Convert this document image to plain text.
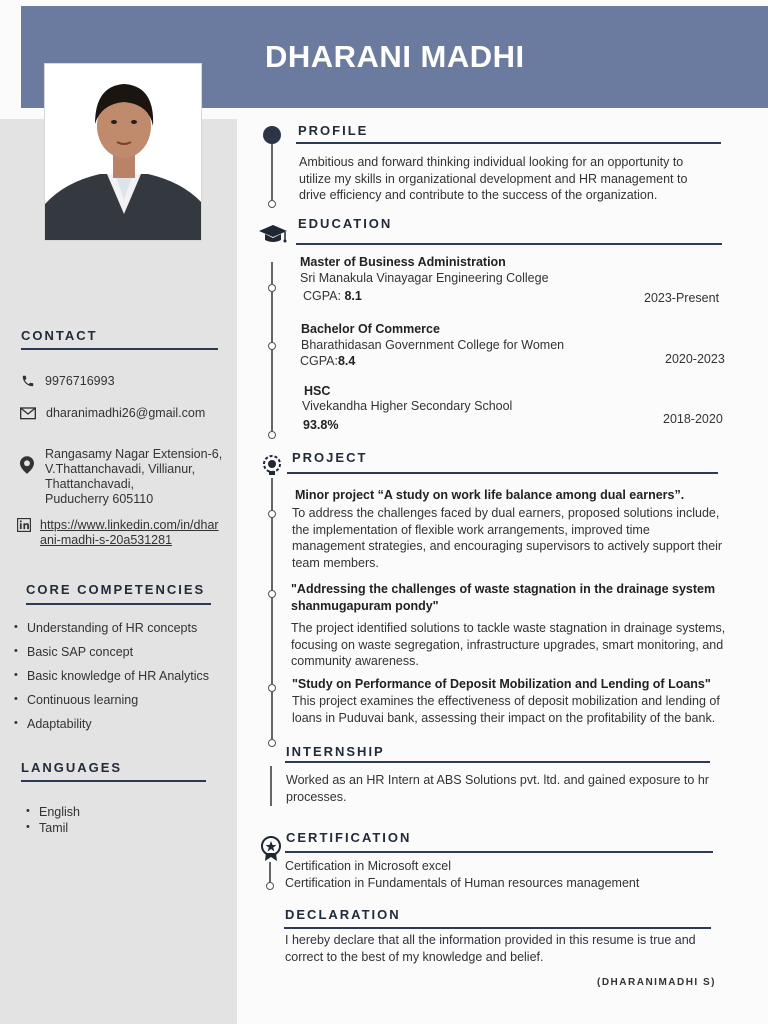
DHARANI MADHI
CONTACT
9976716993
dharanimadhi26@gmail.com
Rangasamy Nagar Extension-6,
V.Thattanchavadi, Villianur,
Thattanchavadi,
Puducherry 605110
https://www.linkedin.com/in/dhar
ani-madhi-s-20a531281
CORE COMPETENCIES
• Understanding of HR concepts
• Basic SAP concept
• Basic knowledge of HR Analytics
• Continuous learning
• Adaptability
LANGUAGES
• English
• Tamil
PROFILE
Ambitious and forward thinking individual looking for an opportunity to
utilize my skills in organizational development and HR management to
drive efficiency and contribute to the success of the organization.
EDUCATION
Master of Business Administration
Sri Manakula Vinayagar Engineering College
CGPA: 8.1	2023-Present
Bachelor Of Commerce
Bharathidasan Government College for Women
CGPA:8.4	2020-2023
HSC
Vivekandha Higher Secondary School
93.8%	2018-2020
PROJECT
Minor project “A study on work life balance among dual earners”.
To address the challenges faced by dual earners, proposed solutions include,
the implementation of flexible work arrangements, improved time
management strategies, and encouraging supervisors to actively support their
team members.
"Addressing the challenges of waste stagnation in the drainage system
shanmugapuram pondy"
The project identified solutions to tackle waste stagnation in drainage systems,
focusing on waste segregation, infrastructure upgrades, smart monitoring, and
community awareness.
"Study on Performance of Deposit Mobilization and Lending of Loans"
This project examines the effectiveness of deposit mobilization and lending of
loans in Puduvai bank, assessing their impact on the profitability of the bank.
INTERNSHIP
Worked as an HR Intern at ABS Solutions pvt. ltd. and gained exposure to hr
processes.
CERTIFICATION
Certification in Microsoft excel
Certification in Fundamentals of Human resources management
DECLARATION
I hereby declare that all the information provided in this resume is true and
correct to the best of my knowledge and belief.
(DHARANIMADHI S)
